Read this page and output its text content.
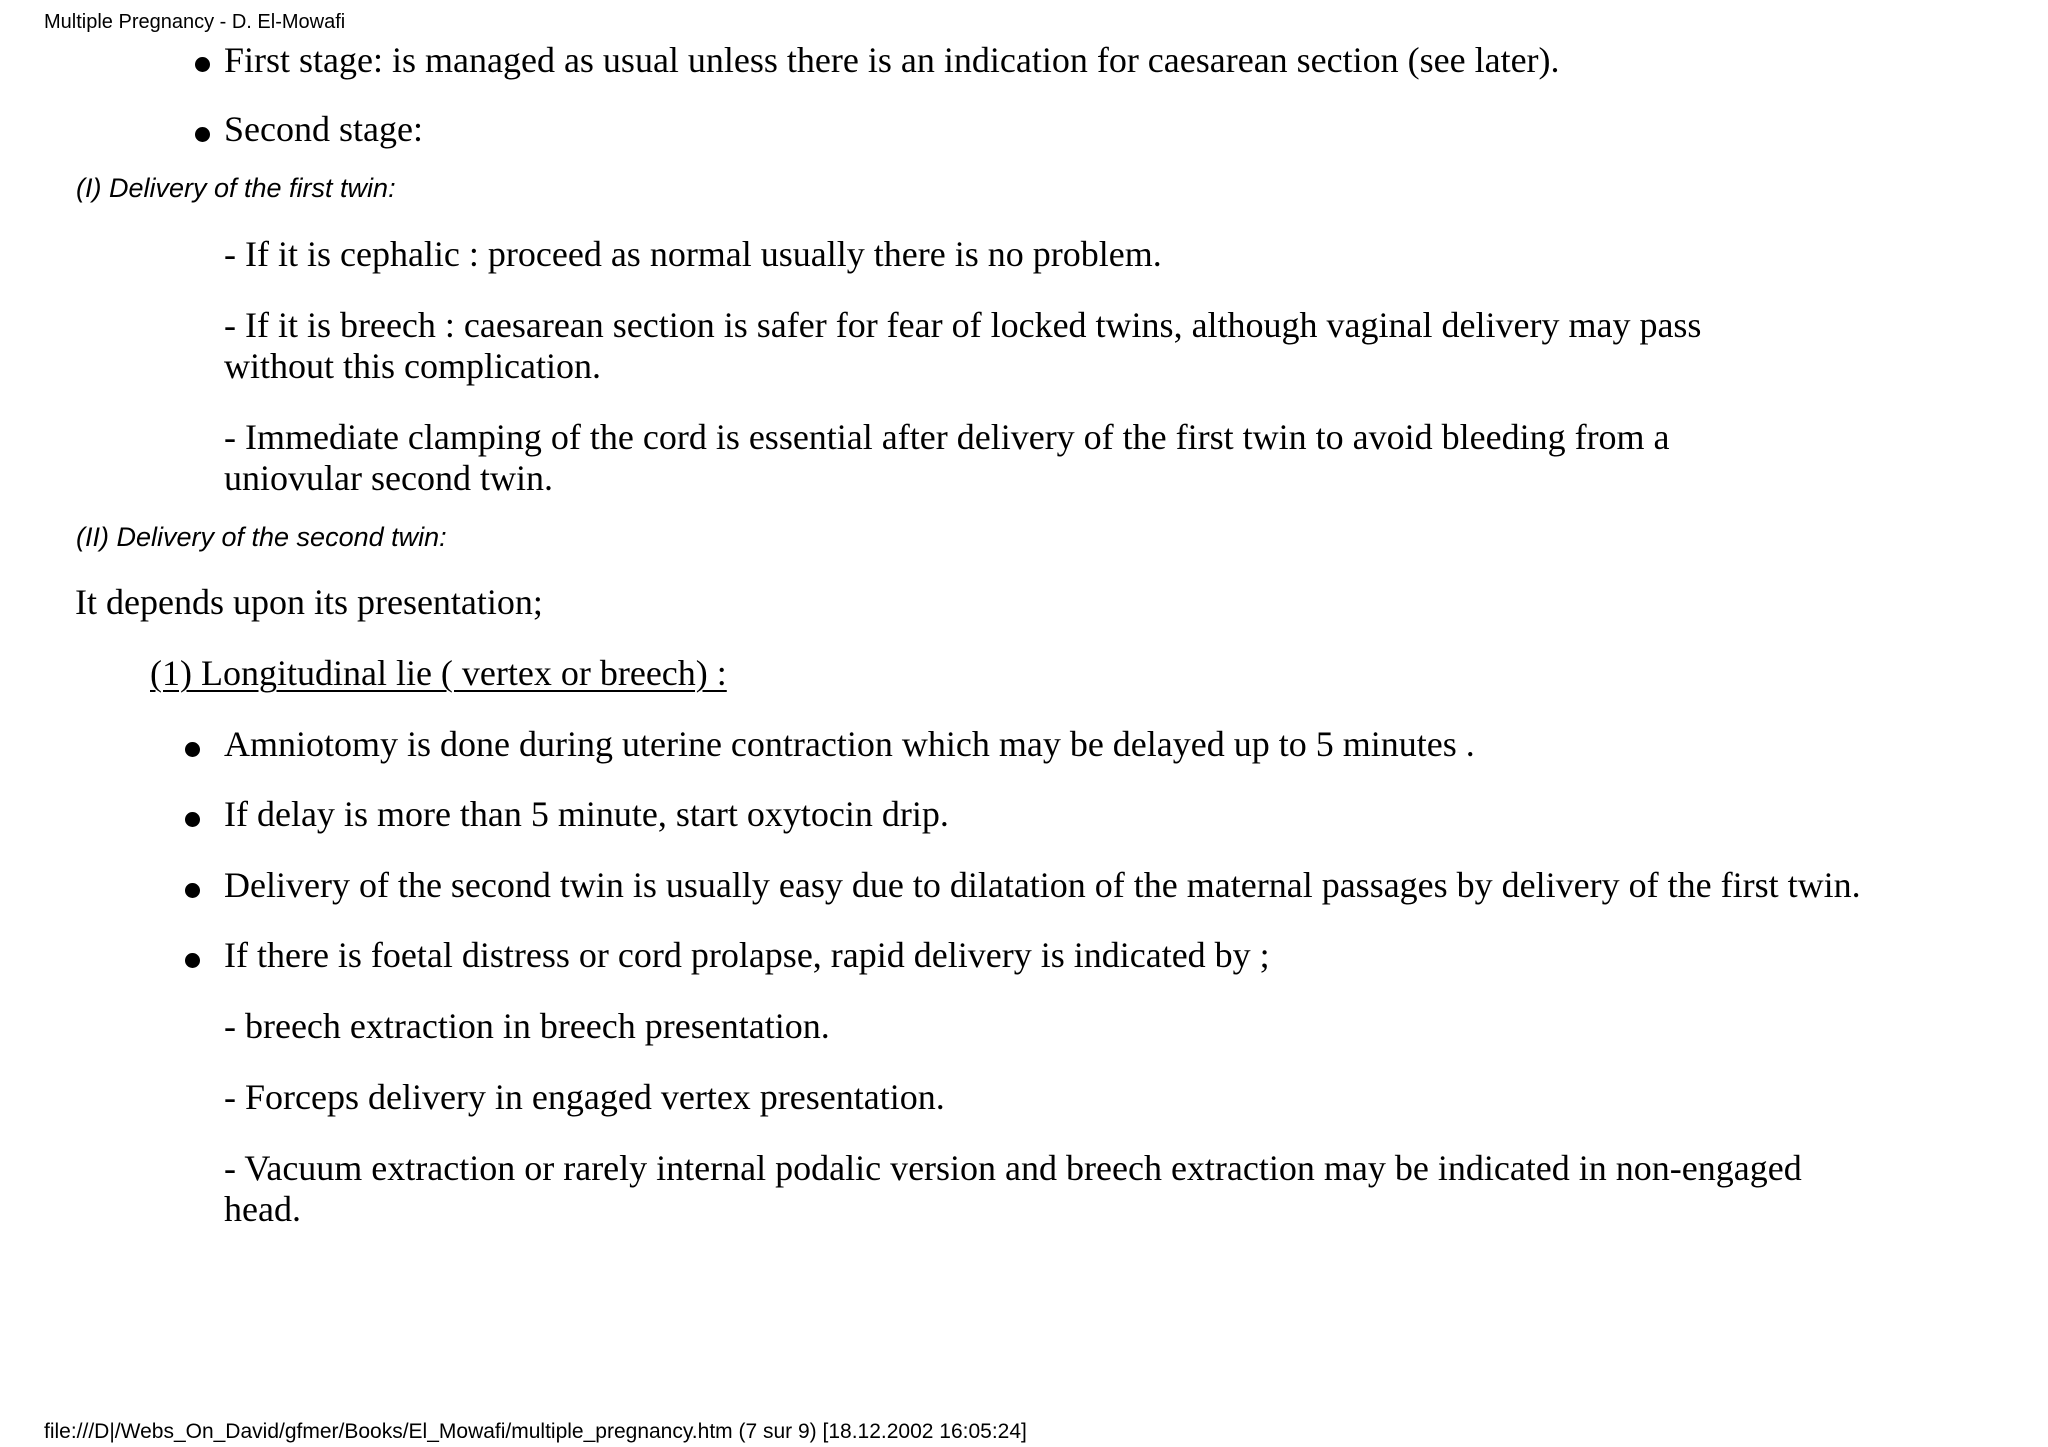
Multiple Pregnancy - D. El-Mowafi
First stage: is managed as usual unless there is an indication for caesarean section (see later).
Second stage:
(I) Delivery of the first twin:
- If it is cephalic : proceed as normal usually there is no problem.
- If it is breech : caesarean section is safer for fear of locked twins, although vaginal delivery may pass without this complication.
- Immediate clamping of the cord is essential after delivery of the first twin to avoid bleeding from a uniovular second twin.
(II) Delivery of the second twin:
It depends upon its presentation;
(1) Longitudinal lie ( vertex or breech) :
Amniotomy is done during uterine contraction which may be delayed up to 5 minutes .
If delay is more than 5 minute, start oxytocin drip.
Delivery of the second twin is usually easy due to dilatation of the maternal passages by delivery of the first twin.
If there is foetal distress or cord prolapse, rapid delivery is indicated by ;
- breech extraction in breech presentation.
- Forceps delivery in engaged vertex presentation.
- Vacuum extraction or rarely internal podalic version and breech extraction may be indicated in non-engaged head.
file:///D|/Webs_On_David/gfmer/Books/El_Mowafi/multiple_pregnancy.htm (7 sur 9) [18.12.2002 16:05:24]
